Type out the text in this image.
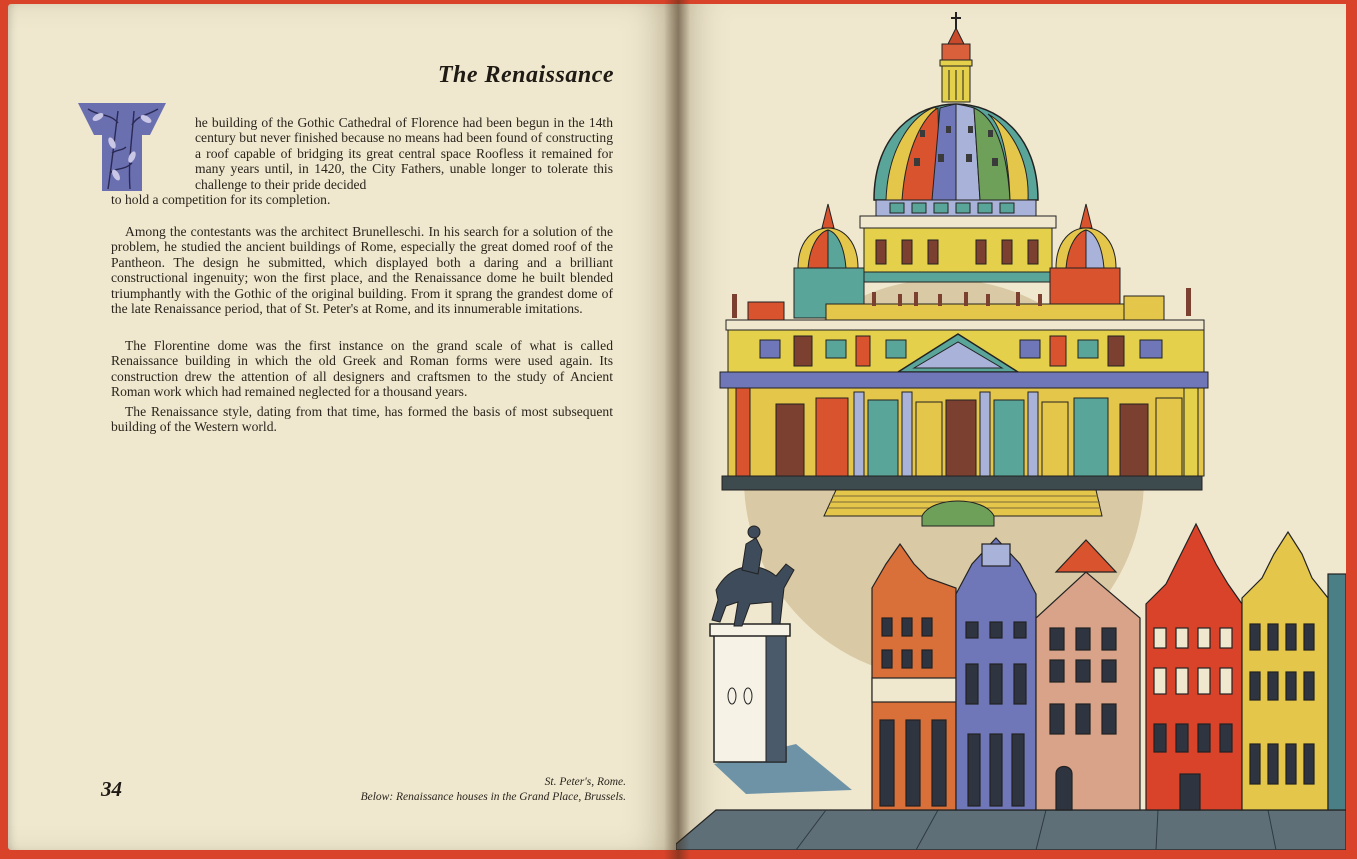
The Renaissance
T
he building of the Gothic Cathedral of Florence had been begun in the 14th century but never finished because no means had been found of constructing a roof capable of bridging its great central space Roofless it remained for many years until, in 1420, the City Fathers, unable longer to tolerate this challenge to their pride decided
to hold a competition for its completion.
Among the contestants was the architect Brunelleschi. In his search for a solution of the problem, he studied the ancient buildings of Rome, especially the great domed roof of the Pantheon. The design he submitted, which displayed both a daring and a brilliant constructional ingenuity; won the first place, and the Renaissance dome he built blended triumphantly with the Gothic of the original building. From it sprang the grandest dome of the late Renaissance period, that of St. Peter's at Rome, and its innumerable imitations.
The Florentine dome was the first instance on the grand scale of what is called Renaissance building in which the old Greek and Roman forms were used again. Its construction drew the attention of all designers and craftsmen to the study of Ancient Roman work which had remained neglected for a thousand years.
The Renaissance style, dating from that time, has formed the basis of most subsequent building of the Western world.
34	St. Peter's, Rome.
Below: Renaissance houses in the Grand Place, Brussels.
